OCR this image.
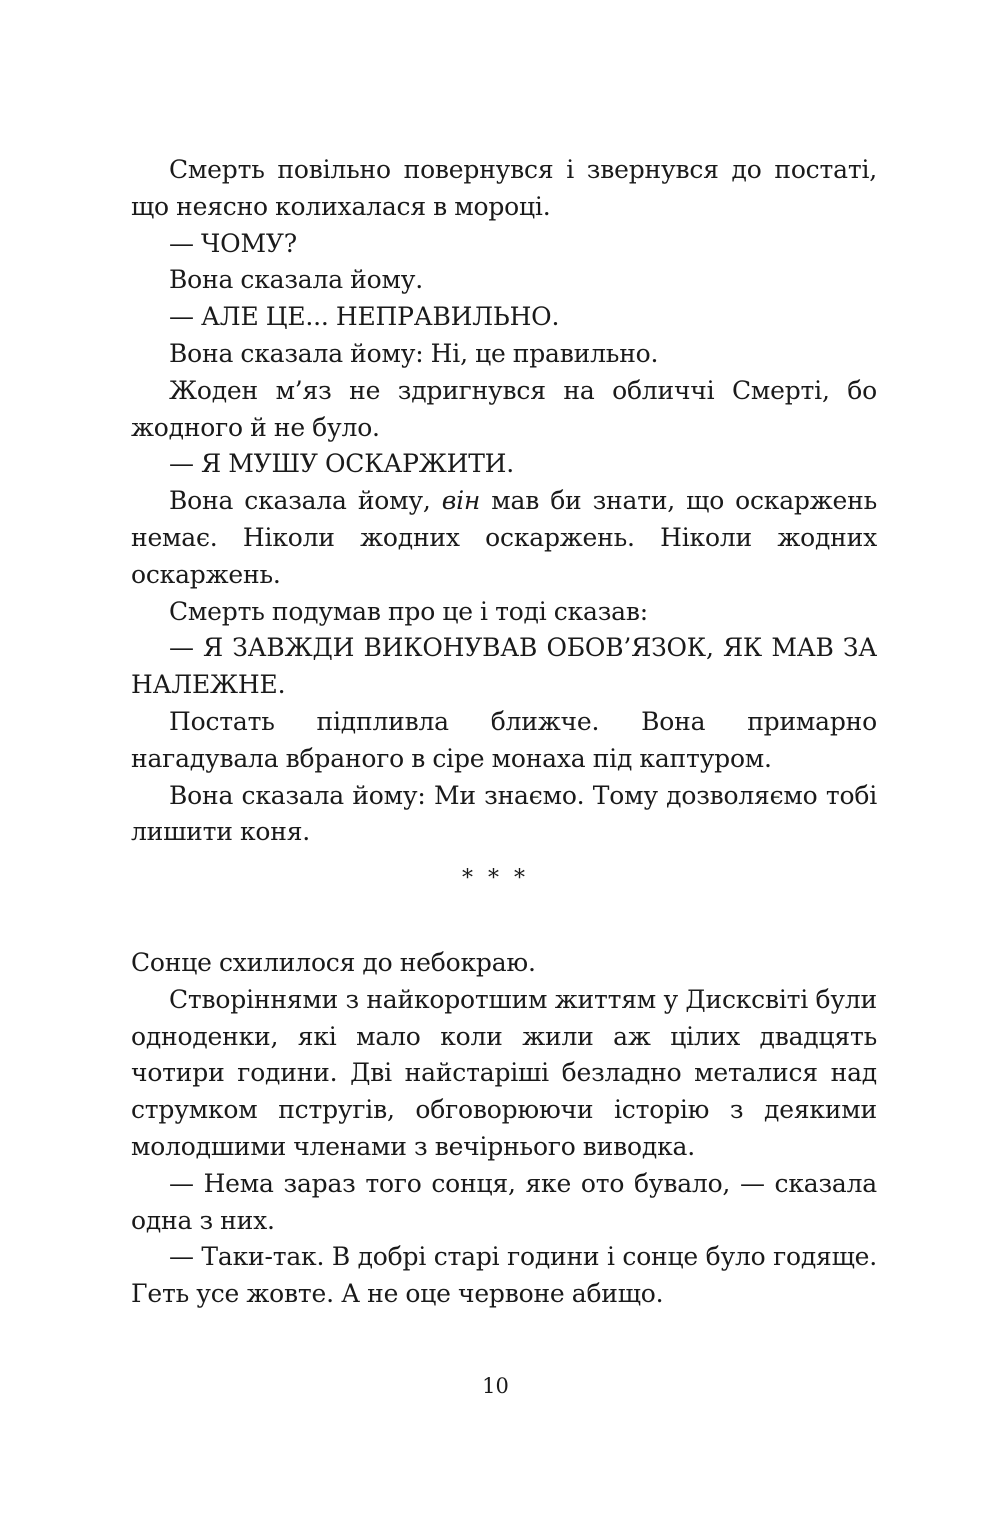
Смерть повільно повернувся і звернувся до постаті, що неясно колихалася в мороці.

— ЧОМУ?

Вона сказала йому.

— АЛЕ ЦЕ... НЕПРАВИЛЬНО.

Вона сказала йому: Ні, це правильно.

Жоден м’яз не здригнувся на обличчі Смерті, бо жодного й не було.

— Я МУШУ ОСКАРЖИТИ.

Вона сказала йому, він мав би знати, що оскаржень немає. Ніколи жодних оскаржень. Ніколи жодних оскаржень.

Смерть подумав про це і тоді сказав:

— Я ЗАВЖДИ ВИКОНУВАВ ОБОВ’ЯЗОК, ЯК МАВ ЗА НАЛЕЖНЕ.

Постать підпливла ближче. Вона примарно нагадувала вбраного в сіре монаха під каптуром.

Вона сказала йому: Ми знаємо. Тому дозволяємо тобі лишити коня.

* * *

Сонце схилилося до небокраю.

Створіннями з найкоротшим життям у Дисксвіті були одноденки, які мало коли жили аж цілих двадцять чотири години. Дві найстаріші безладно металися над струмком пстругів, обговорюючи історію з деякими молодшими членами з вечірнього виводка.

— Нема зараз того сонця, яке ото бувало, — сказала одна з них.

— Таки-так. В добрі старі години і сонце було годяще. Геть усе жовте. А не оце червоне абищо.

10
